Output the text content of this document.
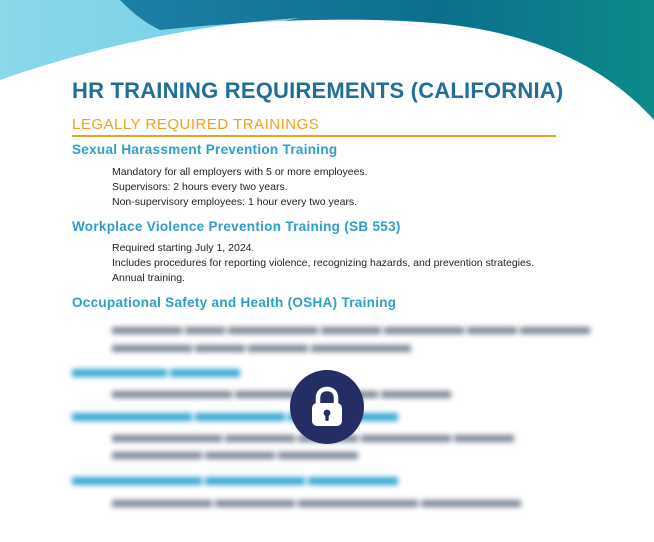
HR TRAINING REQUIREMENTS (CALIFORNIA)
LEGALLY REQUIRED TRAININGS
Sexual Harassment Prevention Training
Mandatory for all employers with 5 or more employees.
Supervisors: 2 hours every two years.
Non-supervisory employees: 1 hour every two years.
Workplace Violence Prevention Training (SB 553)
Required starting July 1, 2024.
Includes procedures for reporting violence, recognizing hazards, and prevention strategies.
Annual training.
Occupational Safety and Health (OSHA) Training
